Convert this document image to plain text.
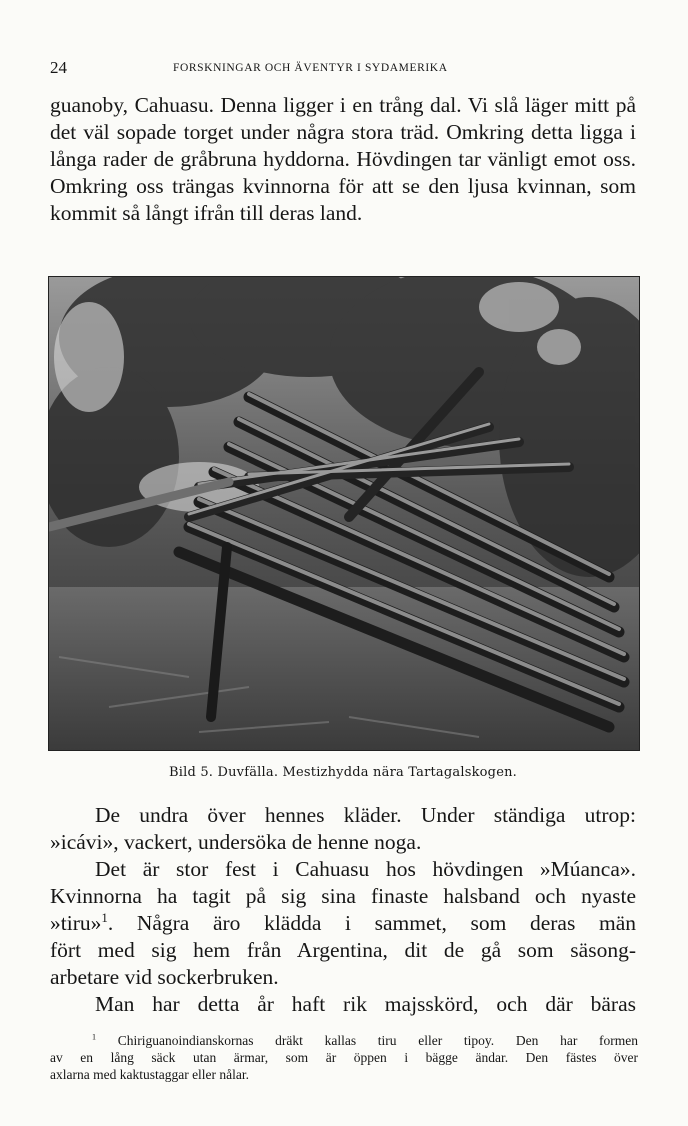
24	FORSKNINGAR OCH ÄVENTYR I SYDAMERIKA

guanoby, Cahuasu. Denna ligger i en trång dal. Vi slå läger mitt på det väl sopade torget under några stora träd. Omkring detta ligga i långa rader de gråbruna hyddorna. Hövdingen tar vänligt emot oss. Omkring oss trängas kvinnorna för att se den ljusa kvinnan, som kommit så långt ifrån till deras land.

Bild 5. Duvfälla. Mestizhydda nära Tartagalskogen.
De undra över hennes kläder. Under ständiga utrop:
»icávi», vackert, undersöka de henne noga.
Det är stor fest i Cahuasu hos hövdingen »Múanca».
Kvinnorna ha tagit på sig sina finaste halsband och nyaste
»tiru»$^1$. Några äro klädda i sammet, som deras män
fört med sig hem från Argentina, dit de gå som säsong-
arbetare vid sockerbruken.
Man har detta år haft rik majsskörd, och där bäras
$^1$ Chiriguanoindianskornas dräkt kallas tiru eller tipoy. Den har formen
av en lång säck utan ärmar, som är öppen i bägge ändar. Den fästes över
axlarna med kaktustaggar eller nålar.
